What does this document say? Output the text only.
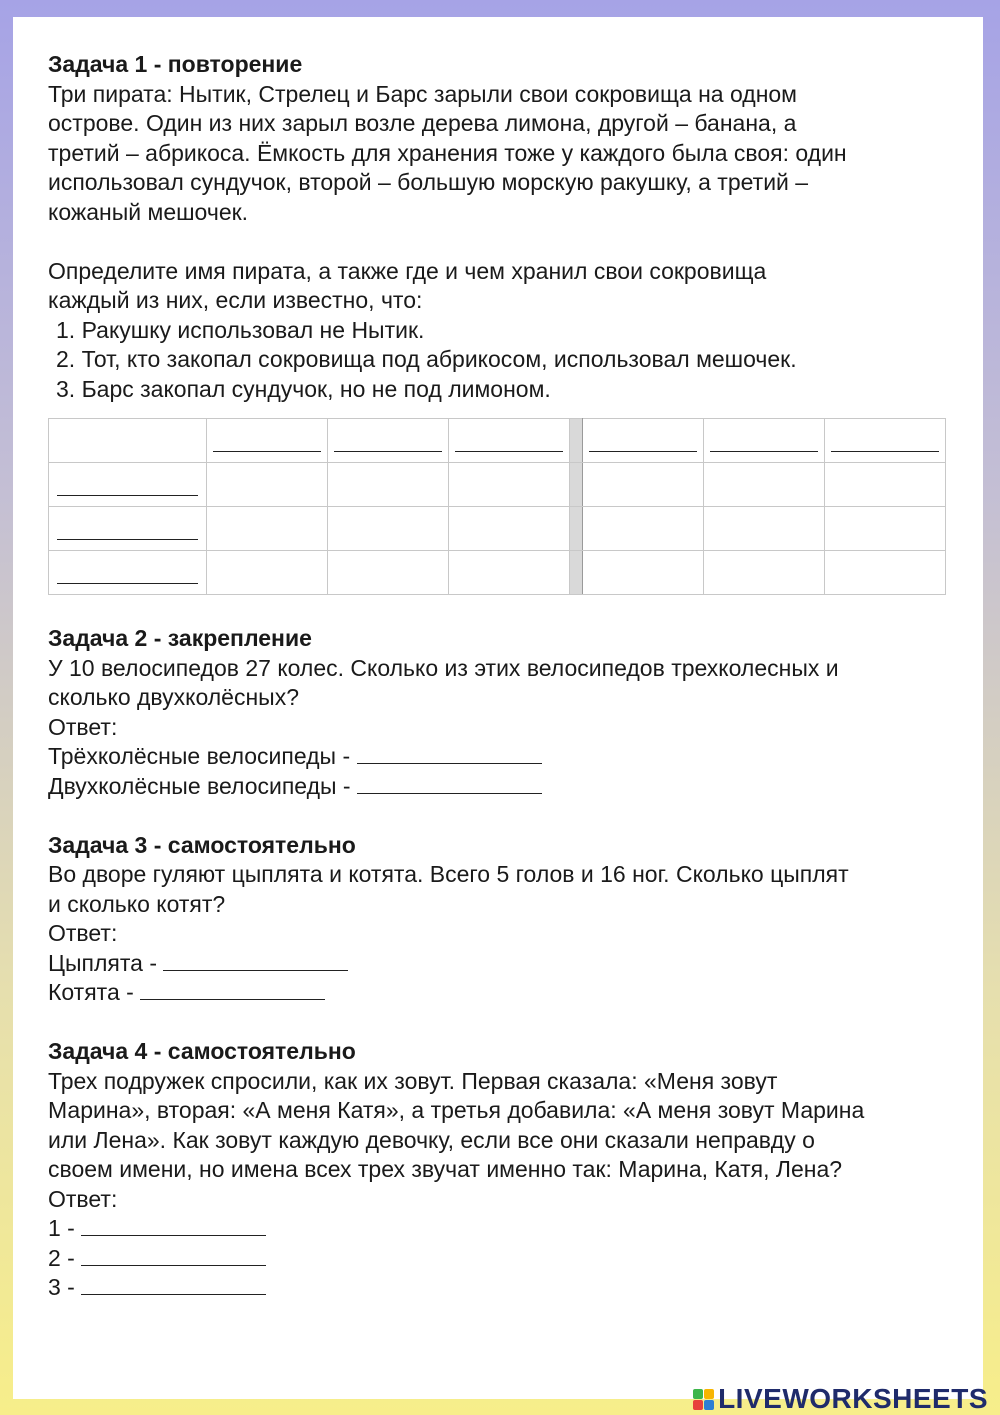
Задача 1 - повторение

Три пирата: Нытик, Стрелец и Барс зарыли свои сокровища на одном

острове. Один из них зарыл возле дерева лимона, другой – банана, а

третий – абрикоса. Ёмкость для хранения тоже у каждого была своя: один

использовал сундучок, второй – большую морскую ракушку, а третий –

кожаный мешочек.

Определите имя пирата, а также где и чем хранил свои сокровища

каждый из них, если известно, что:

1. Ракушку использовал не Нытик.
2. Тот, кто закопал сокровища под абрикосом, использовал мешочек.
3. Барс закопал сундучок, но не под лимоном.

Задача 2 - закрепление

У 10 велосипедов 27 колес. Сколько из этих велосипедов трехколесных и

сколько двухколёсных?

Ответ:

Трёхколёсные велосипеды -

Двухколёсные велосипеды -

Задача 3 - самостоятельно

Во дворе гуляют цыплята и котята. Всего 5 голов и 16 ног. Сколько цыплят

и сколько котят?

Ответ:

Цыплята -

Котята -

Задача 4 - самостоятельно

Трех подружек спросили, как их зовут. Первая сказала: «Меня зовут

Марина», вторая: «А меня Катя», а третья добавила: «А меня зовут Марина

или Лена». Как зовут каждую девочку, если все они сказали неправду о

своем имени, но имена всех трех звучат именно так: Марина, Катя, Лена?

Ответ:

1 -

2 -

3 -

LIVEWORKSHEETS
